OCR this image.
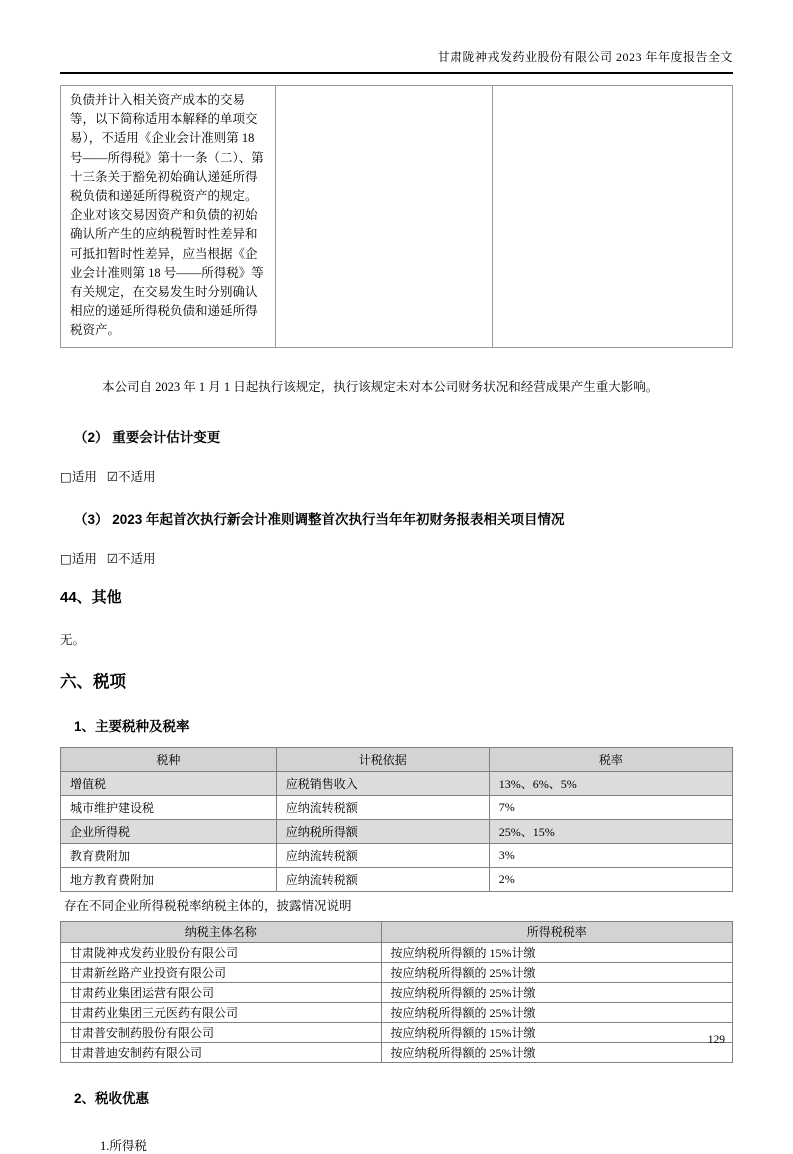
甘肃陇神戎发药业股份有限公司 2023 年年度报告全文
负债并计入相关资产成本的交易等，以下简称适用本解释的单项交易），不适用《企业会计准则第 18 号——所得税》第十一条（二）、第十三条关于豁免初始确认递延所得税负债和递延所得税资产的规定。企业对该交易因资产和负债的初始确认所产生的应纳税暂时性差异和可抵扣暂时性差异，应当根据《企业会计准则第 18 号——所得税》等有关规定，在交易发生时分别确认相应的递延所得税负债和递延所得税资产。		

本公司自 2023 年 1 月 1 日起执行该规定，执行该规定未对本公司财务状况和经营成果产生重大影响。

（2） 重要会计估计变更
□适用 ☑不适用
（3） 2023 年起首次执行新会计准则调整首次执行当年年初财务报表相关项目情况
□适用 ☑不适用
44、其他
无。
六、税项
1、主要税种及税率
税种	计税依据	税率
增值税	应税销售收入	13%、6%、5%
城市维护建设税	应纳流转税额	7%
企业所得税	应纳税所得额	25%、15%
教育费附加	应纳流转税额	3%
地方教育费附加	应纳流转税额	2%
存在不同企业所得税税率纳税主体的，披露情况说明
纳税主体名称	所得税税率
甘肃陇神戎发药业股份有限公司	按应纳税所得额的 15%计缴
甘肃新丝路产业投资有限公司	按应纳税所得额的 25%计缴
甘肃药业集团运营有限公司	按应纳税所得额的 25%计缴
甘肃药业集团三元医药有限公司	按应纳税所得额的 25%计缴
甘肃普安制药股份有限公司	按应纳税所得额的 15%计缴
甘肃普迪安制药有限公司	按应纳税所得额的 25%计缴
2、税收优惠
1.所得税
129
